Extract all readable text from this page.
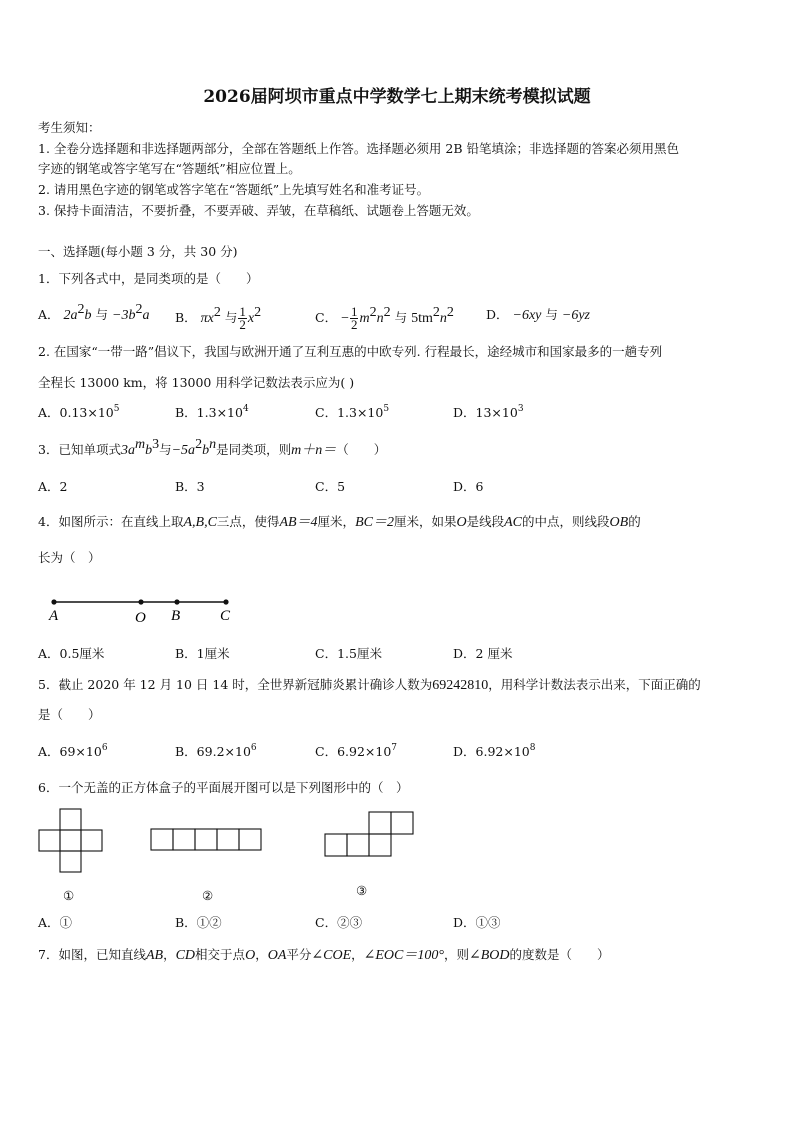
2026届阿坝市重点中学数学七上期末统考模拟试题
考生须知：
1. 全卷分选择题和非选择题两部分，全部在答题纸上作答。选择题必须用 2B 铅笔填涂；非选择题的答案必须用黑色
字迹的钢笔或答字笔写在“答题纸”相应位置上。
2. 请用黑色字迹的钢笔或答字笔在“答题纸”上先填写姓名和准考证号。
3. 保持卡面清洁，不要折叠，不要弄破、弄皱，在草稿纸、试题卷上答题无效。
一、选择题(每小题 3 分，共 30 分)
1．下列各式中，是同类项的是（　　）
A． $2a^2b$ 与 $-3b^2a$ B． $\pi x^2$ 与 $\frac{1}{2} x^2$	C． − $\frac{1}{2} m^2n^2$ 与 $5tm^2n^2$	D． −6xy 与 −6yz
2. 在国家“一带一路”倡议下，我国与欧洲开通了互利互惠的中欧专列. 行程最长，途经城市和国家最多的一趟专列
全程长 13000 km，将 13000 用科学记数法表示应为( )
A．$0.13\times 10^5$	B．$1.3\times 10^4$	C．$1.3\times 10^5$	D．$13\times 10^3$
3．已知单项式$3a^mb^3$与$-5a^2b^n$是同类项，则m＋n＝（　　）
A．2	B．3	C．5	D．6
4．如图所示：在直线上取A,B,C三点，使得AB＝4厘米，BC＝2厘米，如果O是线段AC的中点，则线段OB的
长为（　）
A	O B	C
A．0.5厘米	B．1厘米	C．1.5厘米	D．2 厘米
5．截止 2020 年 12 月 10 日 14 时，全世界新冠肺炎累计确诊人数为69242810，用科学计数法表示出来，下面正确的
是（　　）
A．$69\times 10^6$	B．$69.2\times 10^6$	C．$6.92\times 10^7$	D．$6.92\times 10^8$
6．一个无盖的正方体盒子的平面展开图可以是下列图形中的（　）
①	②	③
A．①	B．①②	C．②③	D．①③
7．如图，已知直线AB，CD相交于点O，OA平分∠COE，∠EOC＝100°，则∠BOD的度数是（　　）
